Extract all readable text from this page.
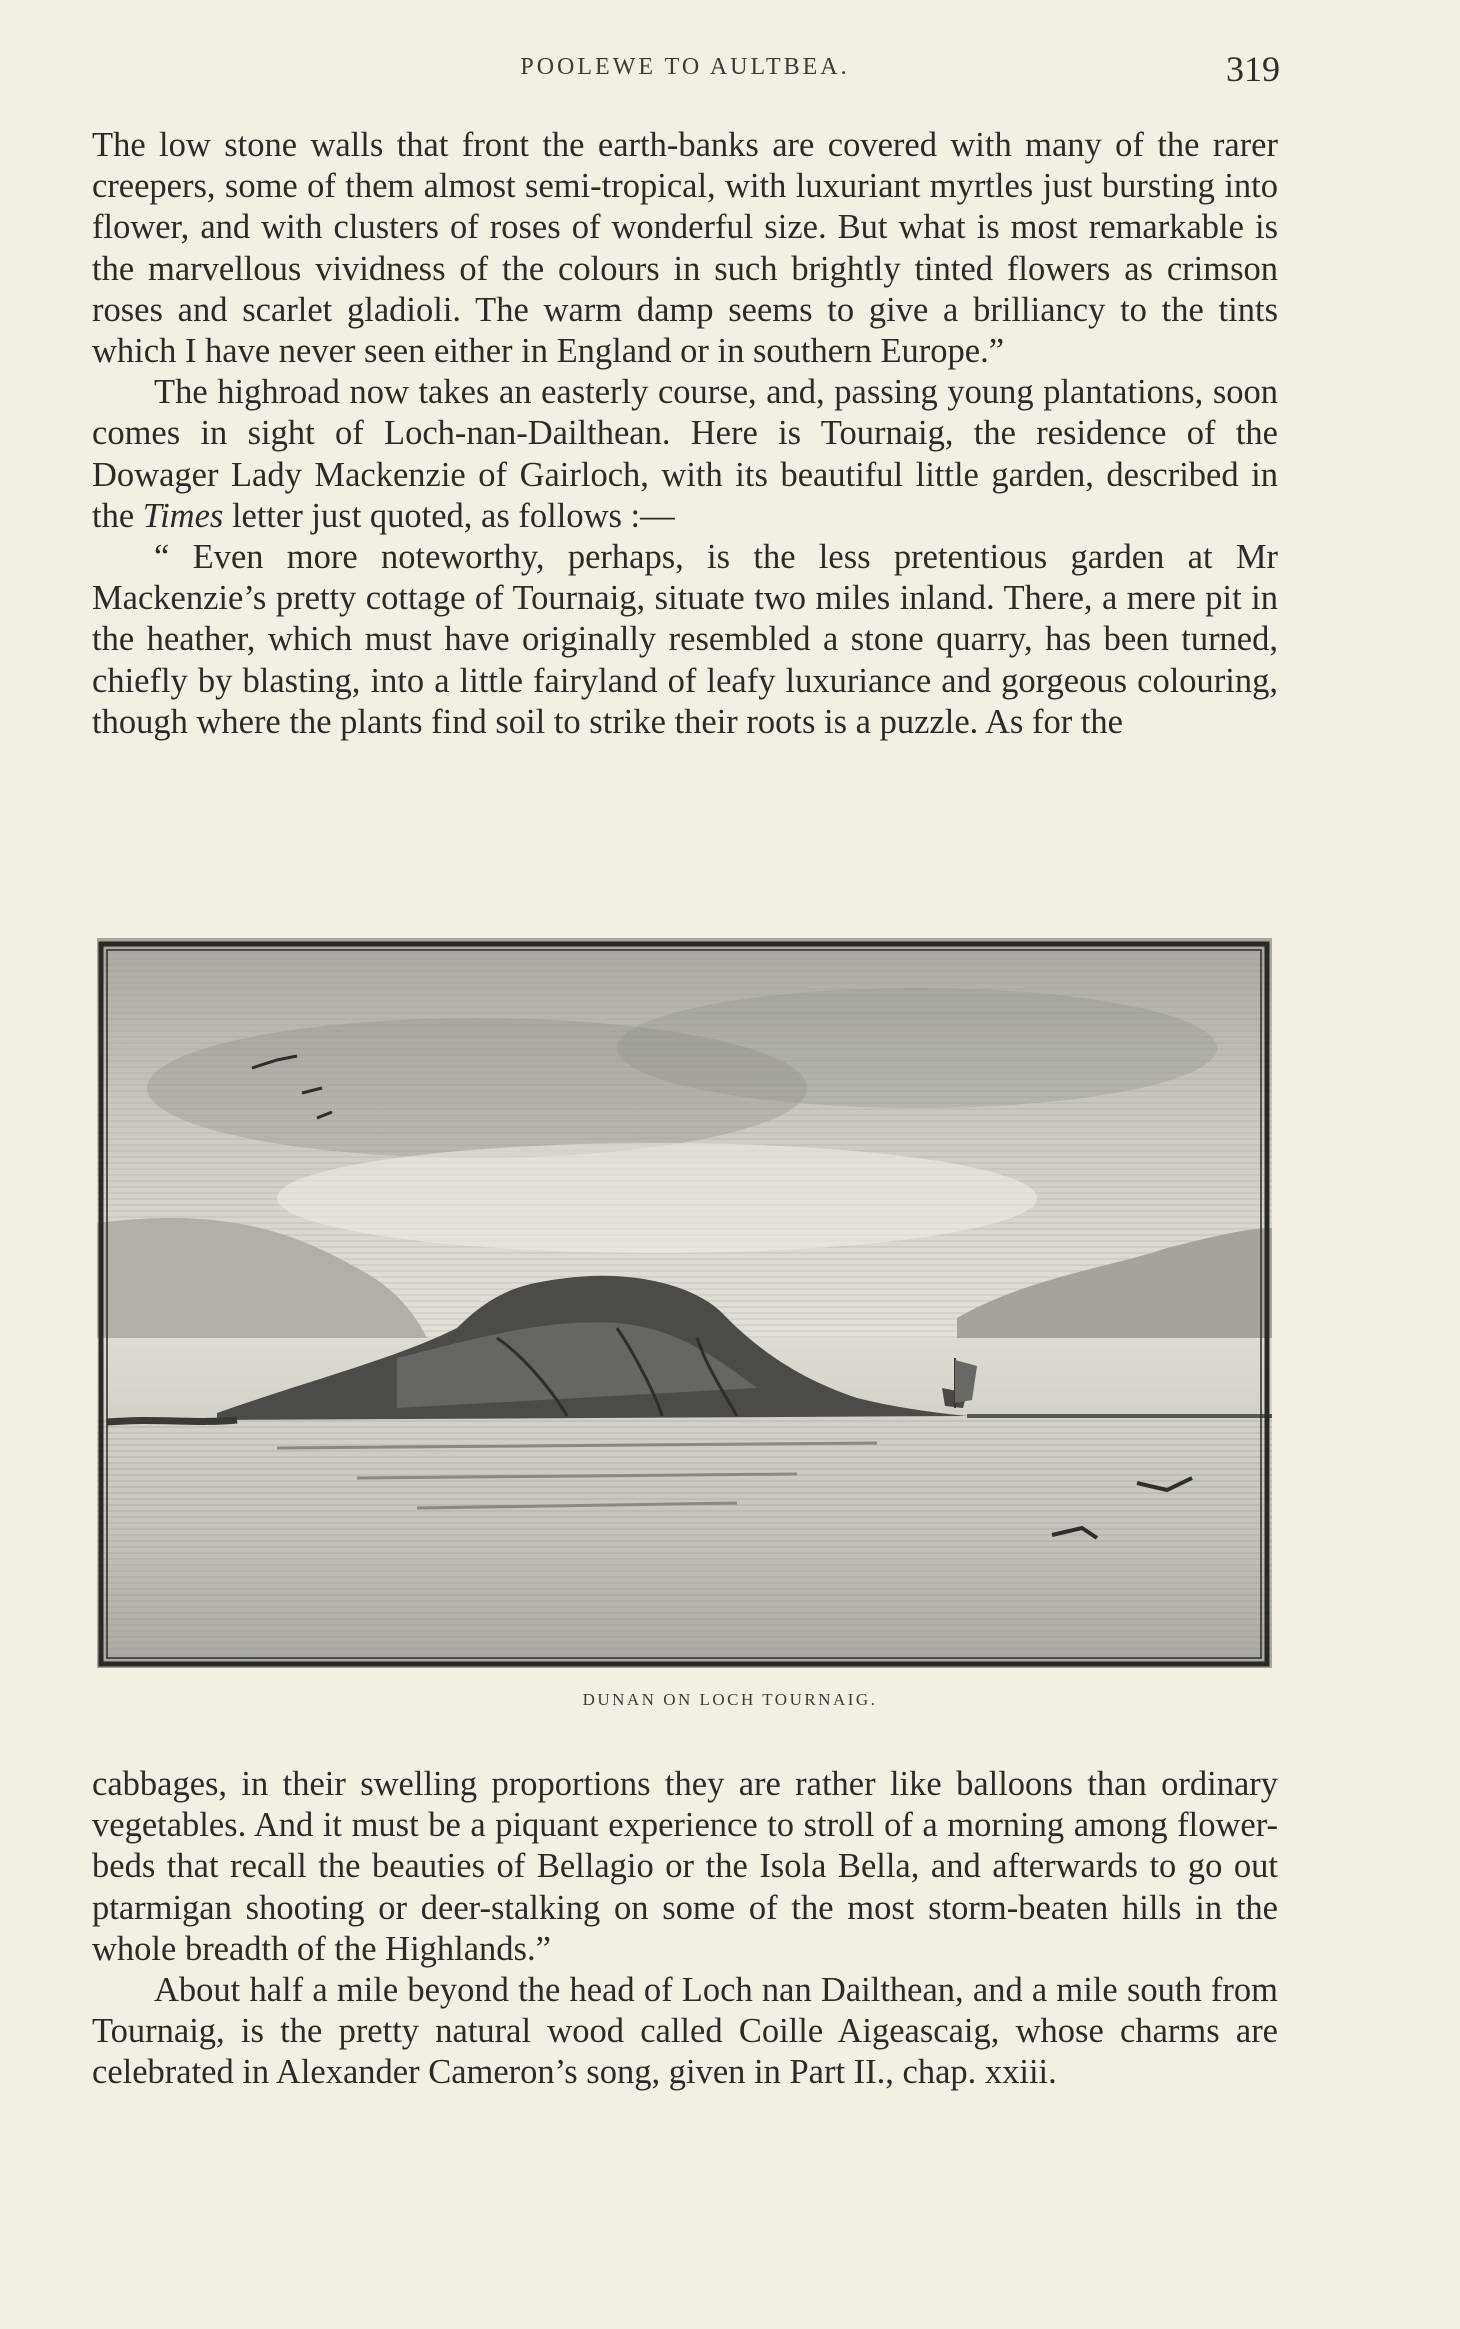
POOLEWE TO AULTBEA.	319

The low stone walls that front the earth-banks are covered with many of the rarer creepers, some of them almost semi-tropical, with luxuriant myrtles just bursting into flower, and with clusters of roses of wonderful size. But what is most remarkable is the marvellous vividness of the colours in such brightly tinted flowers as crimson roses and scarlet gladioli. The warm damp seems to give a brilliancy to the tints which I have never seen either in England or in southern Europe.”

The highroad now takes an easterly course, and, passing young plantations, soon comes in sight of Loch-nan-Dailthean. Here is Tournaig, the residence of the Dowager Lady Mackenzie of Gairloch, with its beautiful little garden, described in the Times letter just quoted, as follows :—

“ Even more noteworthy, perhaps, is the less pretentious garden at Mr Mackenzie’s pretty cottage of Tournaig, situate two miles inland. There, a mere pit in the heather, which must have originally resembled a stone quarry, has been turned, chiefly by blasting, into a little fairyland of leafy luxuriance and gorgeous colouring, though where the plants find soil to strike their roots is a puzzle. As for the

DUNAN ON LOCH TOURNAIG.

cabbages, in their swelling proportions they are rather like balloons than ordinary vegetables. And it must be a piquant experience to stroll of a morning among flower-beds that recall the beauties of Bellagio or the Isola Bella, and afterwards to go out ptarmigan shooting or deer-stalking on some of the most storm-beaten hills in the whole breadth of the Highlands.”

About half a mile beyond the head of Loch nan Dailthean, and a mile south from Tournaig, is the pretty natural wood called Coille Aigeascaig, whose charms are celebrated in Alexander Cameron’s song, given in Part II., chap. xxiii.
